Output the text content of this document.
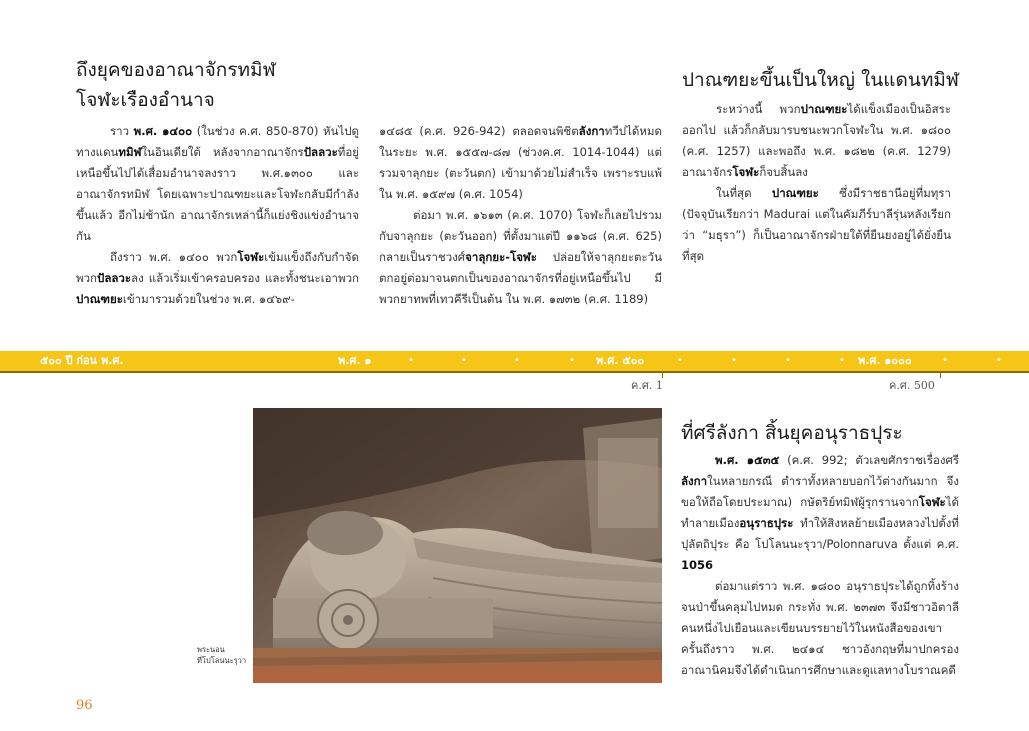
ถึงยุคของอาณาจักรทมิฬ
โจฬะเรืองอำนาจ

ราว พ.ศ. ๑๔๐๐ (ในช่วง ค.ศ. 850-870) หันไปดูทางแดนทมิฬในอินเดียใต้ หลังจากอาณาจักรปัลลวะที่อยู่เหนือขึ้นไปได้เสื่อมอำนาจลงราว พ.ศ.๑๓๐๐ และอาณาจักรทมิฬ โดยเฉพาะปาณฑยะและโจฬะกลับมีกำลังขึ้นแล้ว อีกไม่ช้านัก อาณาจักรเหล่านี้ก็แย่งชิงแข่งอำนาจกัน

ถึงราว พ.ศ. ๑๔๐๐ พวกโจฬะเข้มแข็งถึงกับกำจัดพวกปัลลวะลง แล้วเริ่มเข้าครอบครอง และทั้งชนะเอาพวกปาณฑยะเข้ามารวมด้วยในช่วง พ.ศ. ๑๔๖๙-

๑๔๘๕ (ค.ศ. 926-942) ตลอดจนพิชิตลังกาทวีปได้หมดในระยะ พ.ศ. ๑๕๕๗-๘๗ (ช่วงค.ศ. 1014-1044) แต่รวมจาลุกยะ (ตะวันตก) เข้ามาด้วยไม่สำเร็จ เพราะรบแพ้ใน พ.ศ. ๑๕๙๗ (ค.ศ. 1054)

ต่อมา พ.ศ. ๑๖๑๓ (ค.ศ. 1070) โจฬะก็เลยไปรวมกับจาลุกยะ (ตะวันออก) ที่ตั้งมาแต่ปี ๑๑๖๘ (ค.ศ. 625) กลายเป็นราชวงศ์จาลุกยะ-โจฬะ ปล่อยให้จาลุกยะตะวันตกอยู่ต่อมาจนตกเป็นของอาณาจักรที่อยู่เหนือขึ้นไป มีพวกยาทพที่เทวคีรีเป็นต้น ใน พ.ศ. ๑๗๓๒ (ค.ศ. 1189)

ปาณฑยะขึ้นเป็นใหญ่ ในแดนทมิฬ

ระหว่างนี้ พวกปาณฑยะได้แข็งเมืองเป็นอิสระออกไป แล้วก็กลับมารบชนะพวกโจฬะใน พ.ศ. ๑๘๐๐ (ค.ศ. 1257) และพอถึง พ.ศ. ๑๘๒๒ (ค.ศ. 1279) อาณาจักรโจฬะก็จบสิ้นลง

ในที่สุด ปาณฑยะ ซึ่งมีราชธานีอยู่ที่มทุรา (ปัจจุบันเรียกว่า Madurai แต่ในคัมภีร์บาลีรุ่นหลังเรียกว่า “มธุรา”) ก็เป็นอาณาจักรฝ่ายใต้ที่ยืนยงอยู่ได้ยั่งยืนที่สุด

๕๐๐ ปี ก่อน พ.ศ.	พ.ศ. ๑	พ.ศ. ๕๐๐	พ.ศ. ๑๐๐๐
•	•	•	•	•	•	•	•	•	•
ค.ศ. 1	ค.ศ. 500
พระนอน
ที่โปโลนนะรุวา
ที่ศรีลังกา สิ้นยุคอนุราธปุระ

พ.ศ. ๑๕๓๕ (ค.ศ. 992; ตัวเลขศักราชเรื่องศรีลังกาในหลายกรณี ตำราทั้งหลายบอกไว้ต่างกันมาก จึงขอให้ถือโดยประมาณ) กษัตริย์ทมิฬผู้รุกรานจากโจฬะได้ทำลายเมืองอนุราธปุระ ทำให้สิงหลย้ายเมืองหลวงไปตั้งที่ปุลัตถิปุระ คือ โปโลนนะรุวา/Polonnaruva ตั้งแต่ ค.ศ. 1056

ต่อมาแต่ราว พ.ศ. ๑๘๐๐ อนุราธปุระได้ถูกทิ้งร้างจนป่าขึ้นคลุมไปหมด กระทั่ง พ.ศ. ๒๓๗๓ จึงมีชาวอิตาลีคนหนึ่งไปเยือนและเขียนบรรยายไว้ในหนังสือของเขา ครั้นถึงราว พ.ศ. ๒๔๑๔ ชาวอังกฤษที่มาปกครองอาณานิคมจึงได้ดำเนินการศึกษาและดูแลทางโบราณคดี

96
